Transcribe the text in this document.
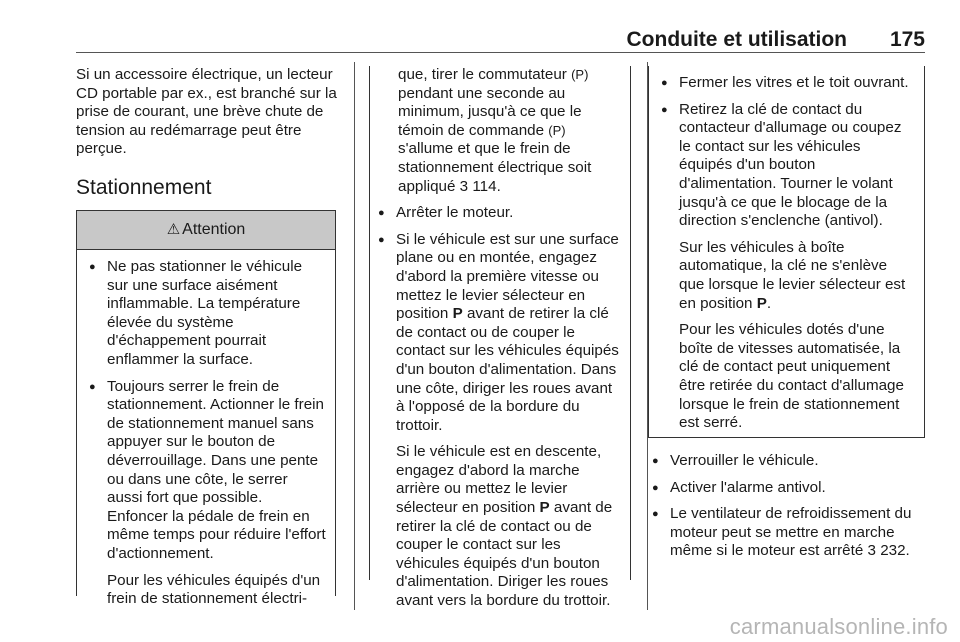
Conduite et utilisation 175

Si un accessoire électrique, un lecteur CD portable par ex., est branché sur la prise de courant, une brève chute de tension au redémarrage peut être perçue.

Stationnement
⚠ Attention

● Ne pas stationner le véhicule sur une surface aisément inflammable. La température élevée du système d'échappement pourrait enflammer la surface.

● Toujours serrer le frein de stationnement. Actionner le frein de stationnement manuel sans appuyer sur le bouton de déverrouillage. Dans une pente ou dans une côte, le serrer aussi fort que possible. Enfoncer la pédale de frein en même temps pour réduire l'effort d'actionnement.

Pour les véhicules équipés d'un frein de stationnement électri-

que, tirer le commutateur (P) pendant une seconde au minimum, jusqu'à ce que le témoin de commande (P) s'allume et que le frein de stationnement électrique soit appliqué 3 114.

● Arrêter le moteur.

● Si le véhicule est sur une surface plane ou en montée, engagez d'abord la première vitesse ou mettez le levier sélecteur en position P avant de retirer la clé de contact ou de couper le contact sur les véhicules équipés d'un bouton d'alimentation. Dans une côte, diriger les roues avant à l'opposé de la bordure du trottoir.

Si le véhicule est en descente, engagez d'abord la marche arrière ou mettez le levier sélecteur en position P avant de retirer la clé de contact ou de couper le contact sur les véhicules équipés d'un bouton d'alimentation. Diriger les roues avant vers la bordure du trottoir.

● Fermer les vitres et le toit ouvrant.

● Retirez la clé de contact du contacteur d'allumage ou coupez le contact sur les véhicules équipés d'un bouton d'alimentation. Tourner le volant jusqu'à ce que le blocage de la direction s'enclenche (antivol).

Sur les véhicules à boîte automatique, la clé ne s'enlève que lorsque le levier sélecteur est en position P.

Pour les véhicules dotés d'une boîte de vitesses automatisée, la clé de contact peut uniquement être retirée du contact d'allumage lorsque le frein de stationnement est serré.

● Verrouiller le véhicule.

● Activer l'alarme antivol.

● Le ventilateur de refroidissement du moteur peut se mettre en marche même si le moteur est arrêté 3 232.

carmanualsonline.info
